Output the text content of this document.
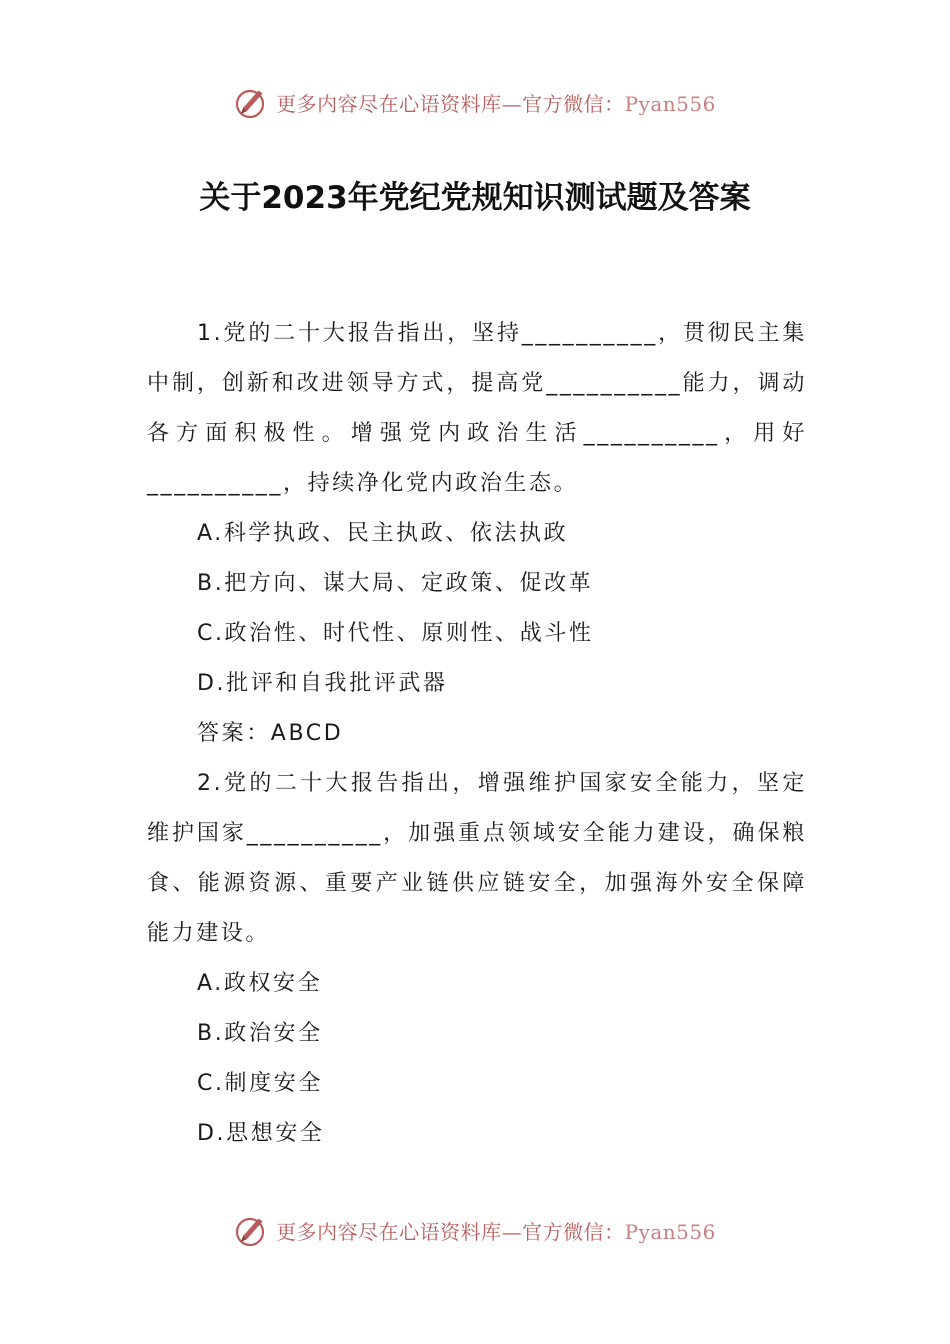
更多内容尽在心语资料库—官方微信：Pyan556
关于2023年党纪党规知识测试题及答案

1.党的二十大报告指出，坚持__________，贯彻民主集中制，创新和改进领导方式，提高党__________能力，调动各方面积极性。增强党内政治生活__________，用好__________，持续净化党内政治生态。

A.科学执政、民主执政、依法执政

B.把方向、谋大局、定政策、促改革

C.政治性、时代性、原则性、战斗性

D.批评和自我批评武器

答案：ABCD

2.党的二十大报告指出，增强维护国家安全能力，坚定维护国家__________，加强重点领域安全能力建设，确保粮食、能源资源、重要产业链供应链安全，加强海外安全保障能力建设。

A.政权安全

B.政治安全

C.制度安全

D.思想安全

更多内容尽在心语资料库—官方微信：Pyan556
